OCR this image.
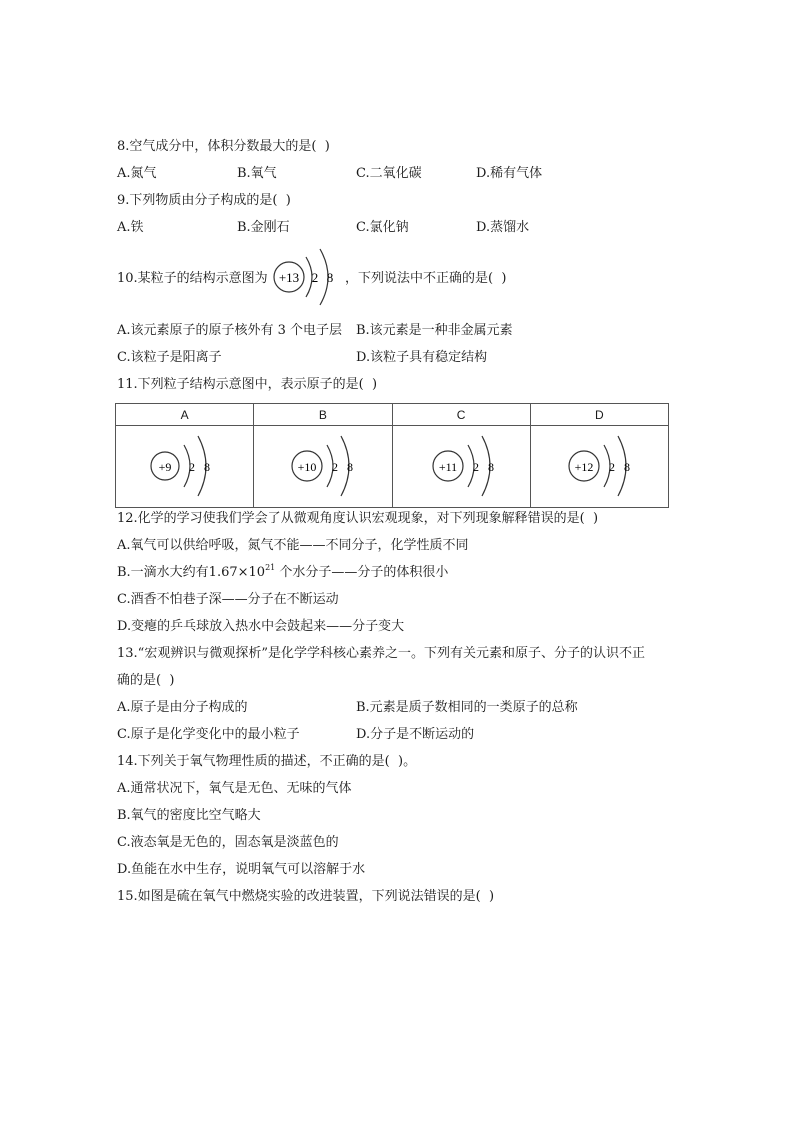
8.空气成分中，体积分数最大的是(  )
A.氮气	B.氧气	C.二氧化碳	D.稀有气体
9.下列物质由分子构成的是(  )
A.铁	B.金刚石	C.氯化钠	D.蒸馏水
10.某粒子的结构示意图为 +13 2 8 ，下列说法中不正确的是(  )
A.该元素原子的原子核外有 3 个电子层 B.该元素是一种非金属元素
C.该粒子是阳离子	D.该粒子具有稳定结构
11.下列粒子结构示意图中，表示原子的是(  )
A	B	C	D

+9 2 8	+10 2 8	+11 2 8	+12 2 8
12.化学的学习使我们学会了从微观角度认识宏观现象，对下列现象解释错误的是(  )
A.氧气可以供给呼吸，氮气不能——不同分子，化学性质不同
B.一滴水大约有$1.67\times 10^{21}$ 个水分子——分子的体积很小
C.酒香不怕巷子深——分子在不断运动
D.变瘪的乒乓球放入热水中会鼓起来——分子变大
13.“宏观辨识与微观探析”是化学学科核心素养之一。下列有关元素和原子、分子的认识不正
确的是(  )
A.原子是由分子构成的	B.元素是质子数相同的一类原子的总称
C.原子是化学变化中的最小粒子	D.分子是不断运动的
14.下列关于氧气物理性质的描述，不正确的是(  )。
A.通常状况下，氧气是无色、无味的气体
B.氧气的密度比空气略大
C.液态氧是无色的，固态氧是淡蓝色的
D.鱼能在水中生存，说明氧气可以溶解于水
15.如图是硫在氧气中燃烧实验的改进装置，下列说法错误的是(  )
